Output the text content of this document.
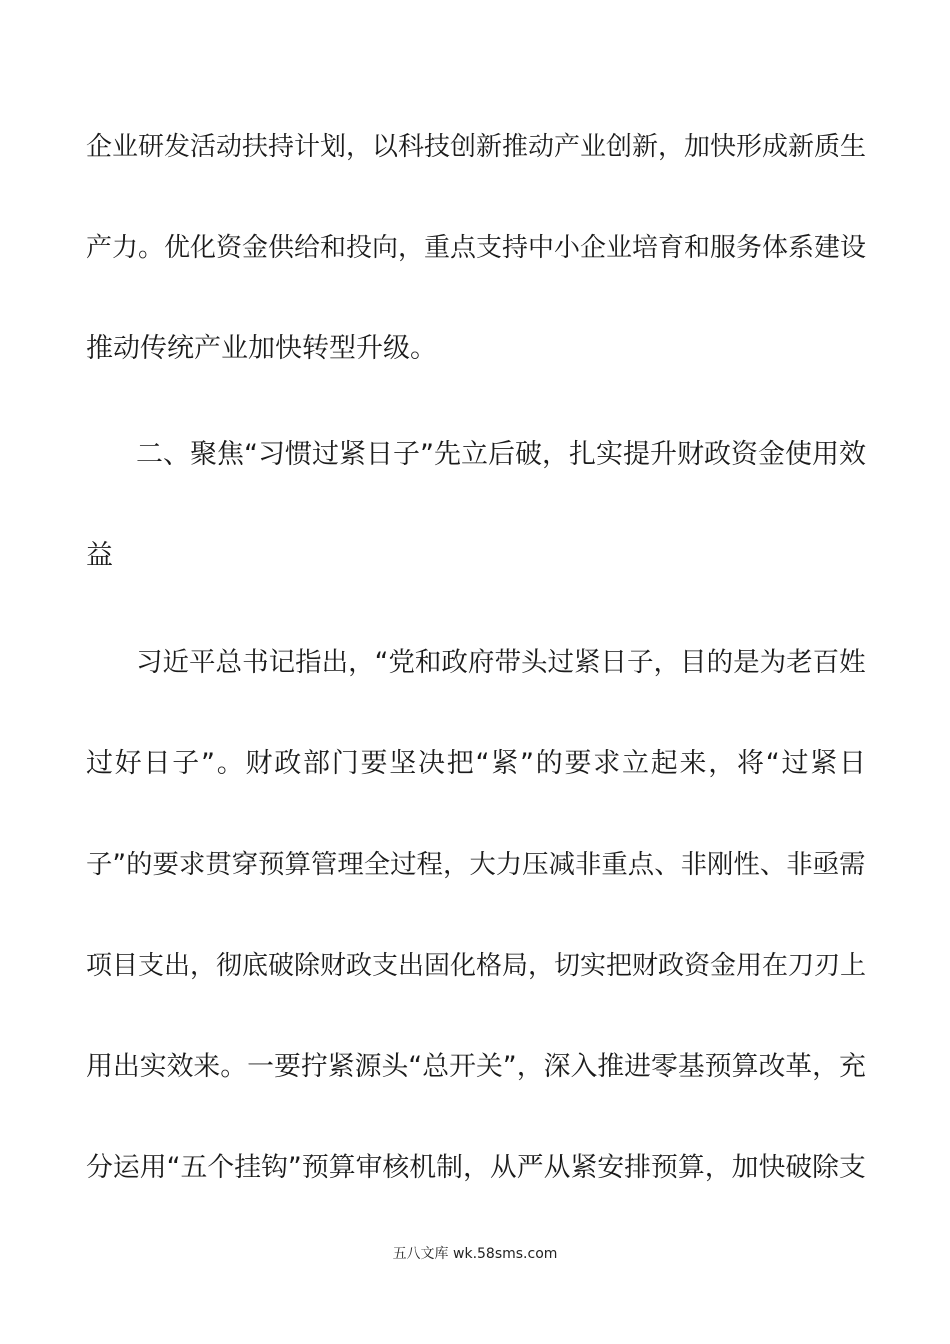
企业研发活动扶持计划，以科技创新推动产业创新，加快形成新质生
产力。优化资金供给和投向，重点支持中小企业培育和服务体系建设
推动传统产业加快转型升级。
二、聚焦“习惯过紧日子”先立后破，扎实提升财政资金使用效
益
习近平总书记指出，“党和政府带头过紧日子，目的是为老百姓
过好日子”。财政部门要坚决把“紧”的要求立起来，将“过紧日
子”的要求贯穿预算管理全过程，大力压减非重点、非刚性、非亟需
项目支出，彻底破除财政支出固化格局，切实把财政资金用在刀刃上
用出实效来。一要拧紧源头“总开关”，深入推进零基预算改革，充
分运用“五个挂钩”预算审核机制，从严从紧安排预算，加快破除支
五八文库 wk.58sms.com
